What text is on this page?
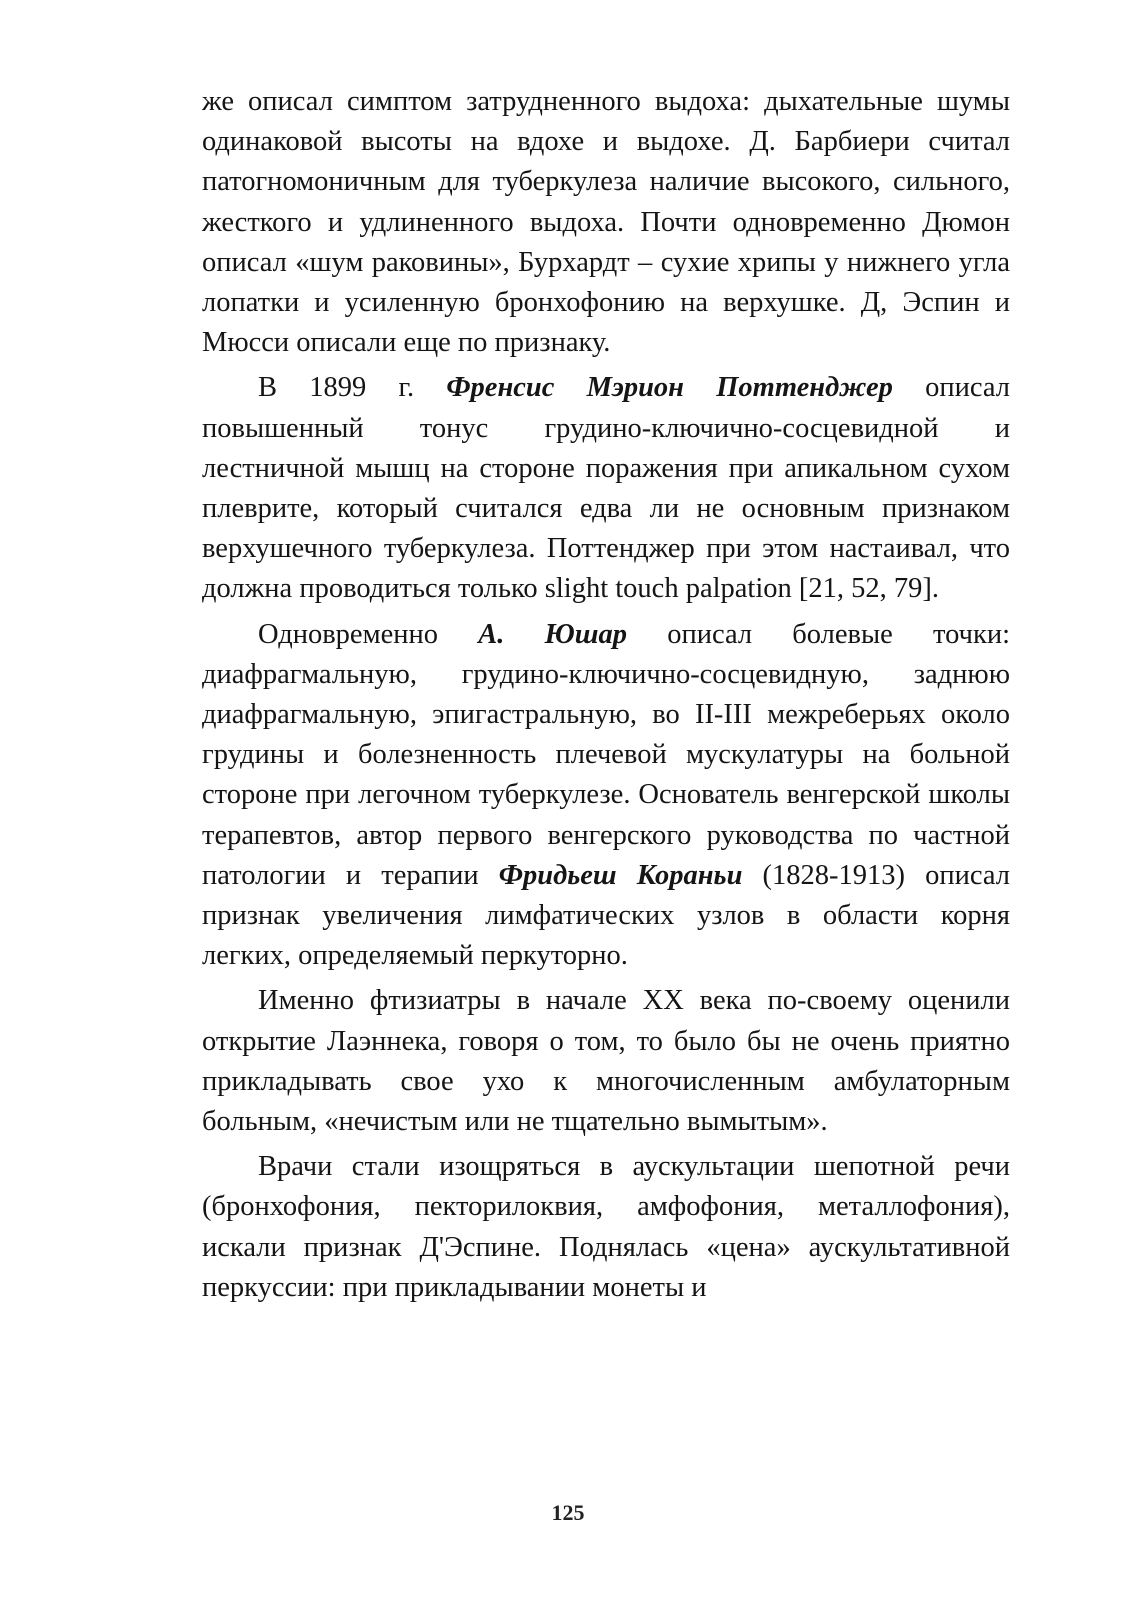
же описал симптом затрудненного выдоха: дыхательные шумы одинаковой высоты на вдохе и выдохе. Д. Барбиери считал патогномоничным для туберкулеза наличие высокого, сильного, жесткого и удлиненного выдоха. Почти одновременно Дюмон описал «шум раковины», Бурхардт – сухие хрипы у нижнего угла лопатки и усиленную бронхофонию на верхушке. Д, Эспин и Мюсси описали еще по признаку.

В 1899 г. Френсис Мэрион Поттенджер описал повышенный тонус грудино-ключично-сосцевидной и лестничной мышц на стороне поражения при апикальном сухом плеврите, который считался едва ли не основным признаком верхушечного туберкулеза. Поттенджер при этом настаивал, что должна проводиться только slight touch palpation [21, 52, 79].

Одновременно А. Юшар описал болевые точки: диафрагмальную, грудино-ключично-сосцевидную, заднюю диафрагмальную, эпигастральную, во II-III межреберьях около грудины и болезненность плечевой мускулатуры на больной стороне при легочном туберкулезе. Основатель венгерской школы терапевтов, автор первого венгерского руководства по частной патологии и терапии Фридьеш Кораньи (1828-1913) описал признак увеличения лимфатических узлов в области корня легких, определяемый перкуторно.

Именно фтизиатры в начале XX века по-своему оценили открытие Лаэннека, говоря о том, то было бы не очень приятно прикладывать свое ухо к многочисленным амбулаторным больным, «нечистым или не тщательно вымытым».

Врачи стали изощряться в аускультации шепотной речи (бронхофония, пекторилоквия, амфофония, металлофония), искали признак Д'Эспине. Поднялась «цена» аускультативной перкуссии: при прикладывании монеты и

125
